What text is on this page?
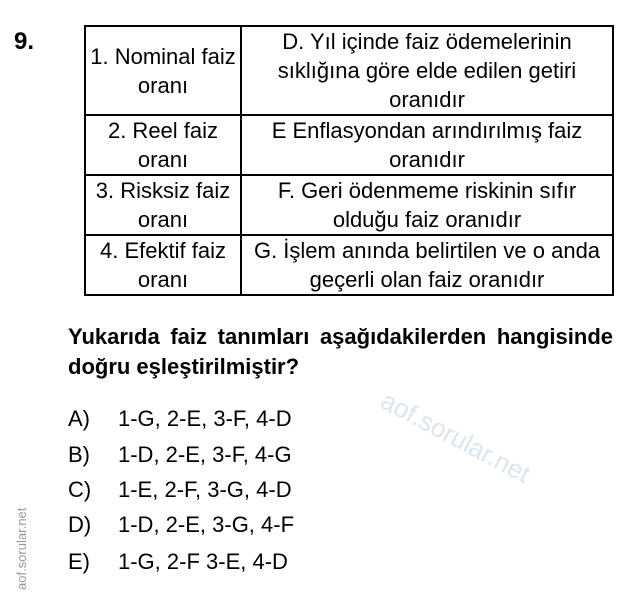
aof.sorular.net
aof.sorular.net
9.
1. Nominal faiz oranı	D. Yıl içinde faiz ödemelerinin sıklığına göre elde edilen getiri oranıdır
2. Reel faiz oranı	E Enflasyondan arındırılmış faiz oranıdır
3. Risksiz faiz oranı	F. Geri ödenmeme riskinin sıfır olduğu faiz oranıdır
4. Efektif faiz oranı	G. İşlem anında belirtilen ve o anda geçerli olan faiz oranıdır
Yukarıda faiz tanımları aşağıdakilerden hangisinde doğru eşleştirilmiştir?
A) 1-G, 2-E, 3-F, 4-D
B) 1-D, 2-E, 3-F, 4-G
C) 1-E, 2-F, 3-G, 4-D
D) 1-D, 2-E, 3-G, 4-F
E) 1-G, 2-F 3-E, 4-D
